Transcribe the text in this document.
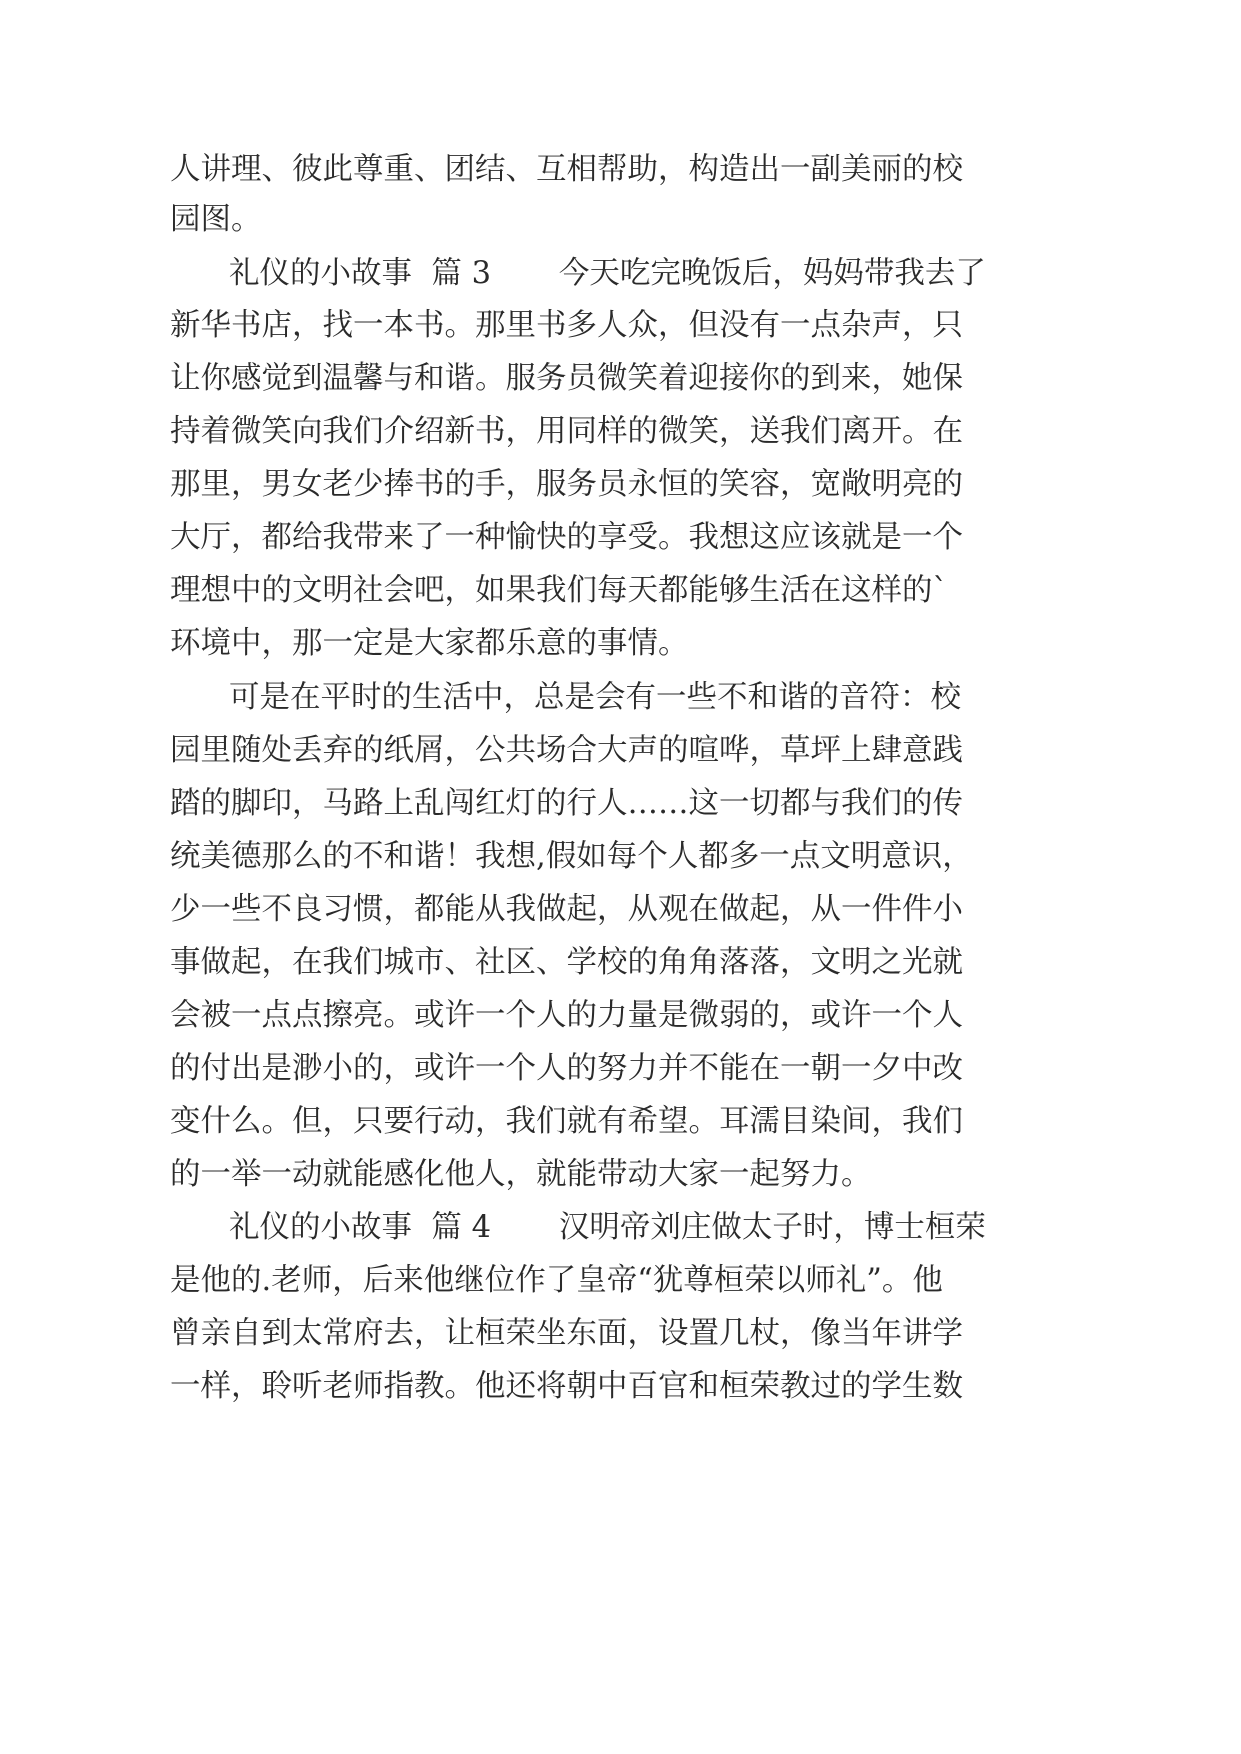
人讲理、彼此尊重、团结、互相帮助，构造出一副美丽的校
园图。
礼仪的小故事  篇 3       今天吃完晚饭后，妈妈带我去了
新华书店，找一本书。那里书多人众，但没有一点杂声，只
让你感觉到温馨与和谐。服务员微笑着迎接你的到来，她保
持着微笑向我们介绍新书，用同样的微笑，送我们离开。在
那里，男女老少捧书的手，服务员永恒的笑容，宽敞明亮的
大厅，都给我带来了一种愉快的享受。我想这应该就是一个
理想中的文明社会吧，如果我们每天都能够生活在这样的`
环境中，那一定是大家都乐意的事情。
可是在平时的生活中，总是会有一些不和谐的音符：校
园里随处丢弃的纸屑，公共场合大声的喧哗，草坪上肆意践
踏的脚印，马路上乱闯红灯的行人……这一切都与我们的传
统美德那么的不和谐！我想,假如每个人都多一点文明意识，
少一些不良习惯，都能从我做起，从观在做起，从一件件小
事做起，在我们城市、社区、学校的角角落落，文明之光就
会被一点点擦亮。或许一个人的力量是微弱的，或许一个人
的付出是渺小的，或许一个人的努力并不能在一朝一夕中改
变什么。但，只要行动，我们就有希望。耳濡目染间，我们
的一举一动就能感化他人，就能带动大家一起努力。
礼仪的小故事  篇 4       汉明帝刘庄做太子时，博士桓荣
是他的.老师，后来他继位作了皇帝“犹尊桓荣以师礼”。他
曾亲自到太常府去，让桓荣坐东面，设置几杖，像当年讲学
一样，聆听老师指教。他还将朝中百官和桓荣教过的学生数
